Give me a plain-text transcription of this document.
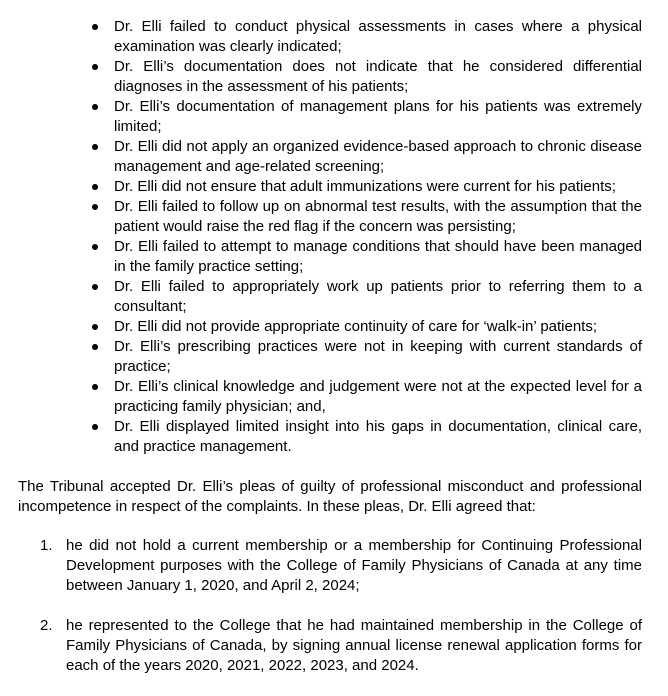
Dr. Elli failed to conduct physical assessments in cases where a physical examination was clearly indicated;
Dr. Elli’s documentation does not indicate that he considered differential diagnoses in the assessment of his patients;
Dr. Elli’s documentation of management plans for his patients was extremely limited;
Dr. Elli did not apply an organized evidence-based approach to chronic disease management and age-related screening;
Dr. Elli did not ensure that adult immunizations were current for his patients;
Dr. Elli failed to follow up on abnormal test results, with the assumption that the patient would raise the red flag if the concern was persisting;
Dr. Elli failed to attempt to manage conditions that should have been managed in the family practice setting;
Dr. Elli failed to appropriately work up patients prior to referring them to a consultant;
Dr. Elli did not provide appropriate continuity of care for ‘walk-in’ patients;
Dr. Elli’s prescribing practices were not in keeping with current standards of practice;
Dr. Elli’s clinical knowledge and judgement were not at the expected level for a practicing family physician; and,
Dr. Elli displayed limited insight into his gaps in documentation, clinical care, and practice management.

The Tribunal accepted Dr. Elli’s pleas of guilty of professional misconduct and professional incompetence in respect of the complaints. In these pleas, Dr. Elli agreed that:

1. he did not hold a current membership or a membership for Continuing Professional Development purposes with the College of Family Physicians of Canada at any time between January 1, 2020, and April 2, 2024;
2. he represented to the College that he had maintained membership in the College of Family Physicians of Canada, by signing annual license renewal application forms for each of the years 2020, 2021, 2022, 2023, and 2024.
